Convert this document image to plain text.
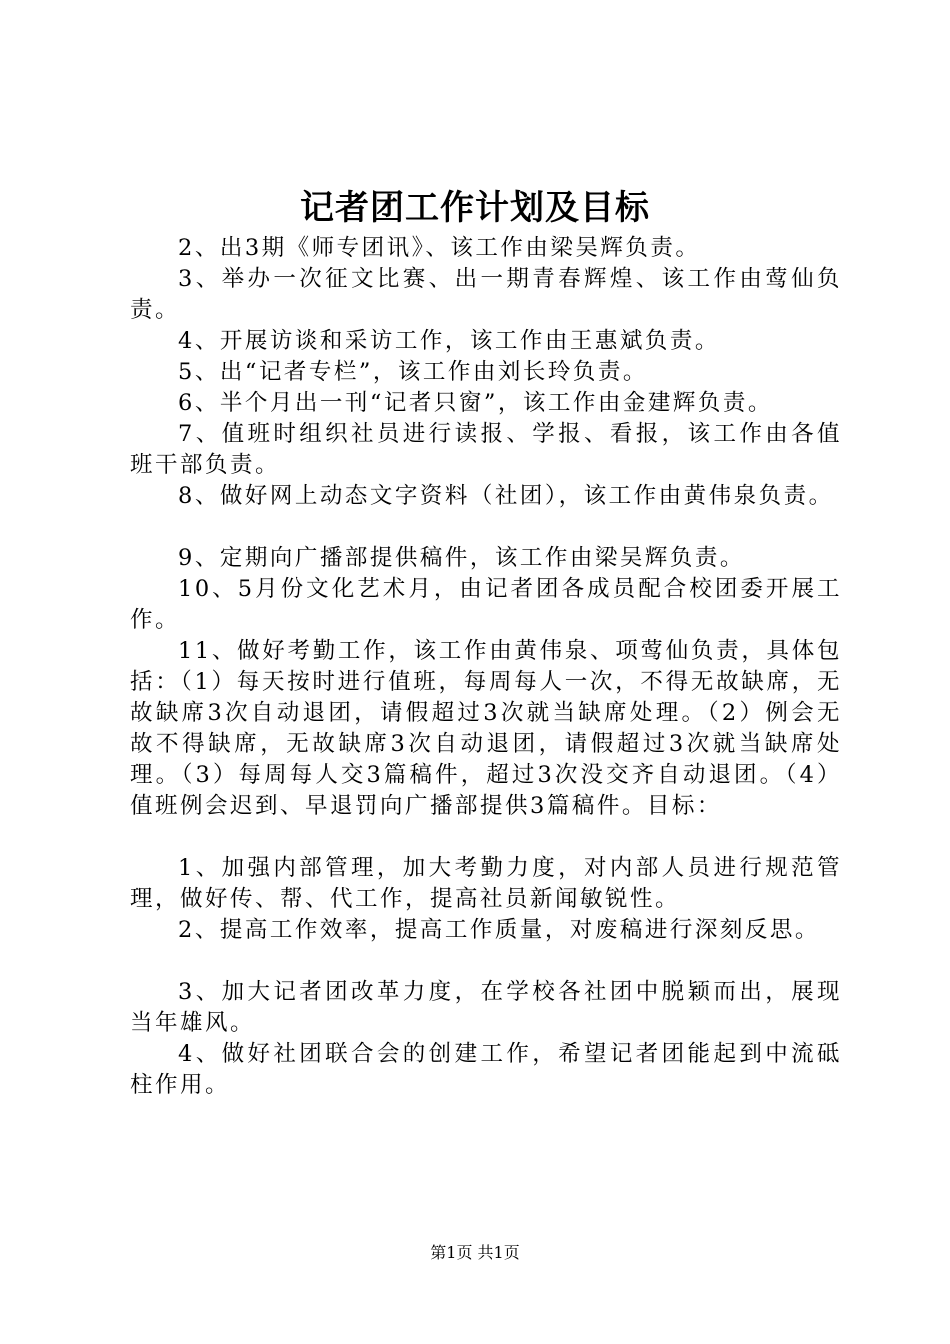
记者团工作计划及目标

2、出3期《师专团讯》、该工作由梁吴辉负责。

3、举办一次征文比赛、出一期青春辉煌、该工作由莺仙负责。

4、开展访谈和采访工作，该工作由王惠斌负责。

5、出“记者专栏”，该工作由刘长玲负责。

6、半个月出一刊“记者只窗”，该工作由金建辉负责。

7、值班时组织社员进行读报、学报、看报，该工作由各值班干部负责。

8、做好网上动态文字资料（社团），该工作由黄伟泉负责。

9、定期向广播部提供稿件，该工作由梁吴辉负责。

10、5月份文化艺术月，由记者团各成员配合校团委开展工作。

11、做好考勤工作，该工作由黄伟泉、项莺仙负责，具体包括：（1）每天按时进行值班，每周每人一次，不得无故缺席，无故缺席3次自动退团，请假超过3次就当缺席处理。（2）例会无故不得缺席，无故缺席3次自动退团，请假超过3次就当缺席处理。（3）每周每人交3篇稿件，超过3次没交齐自动退团。（4）值班例会迟到、早退罚向广播部提供3篇稿件。目标：

1、加强内部管理，加大考勤力度，对内部人员进行规范管理，做好传、帮、代工作，提高社员新闻敏锐性。

2、提高工作效率，提高工作质量，对废稿进行深刻反思。

3、加大记者团改革力度，在学校各社团中脱颖而出，展现当年雄风。

4、做好社团联合会的创建工作，希望记者团能起到中流砥柱作用。

第1页 共1页
